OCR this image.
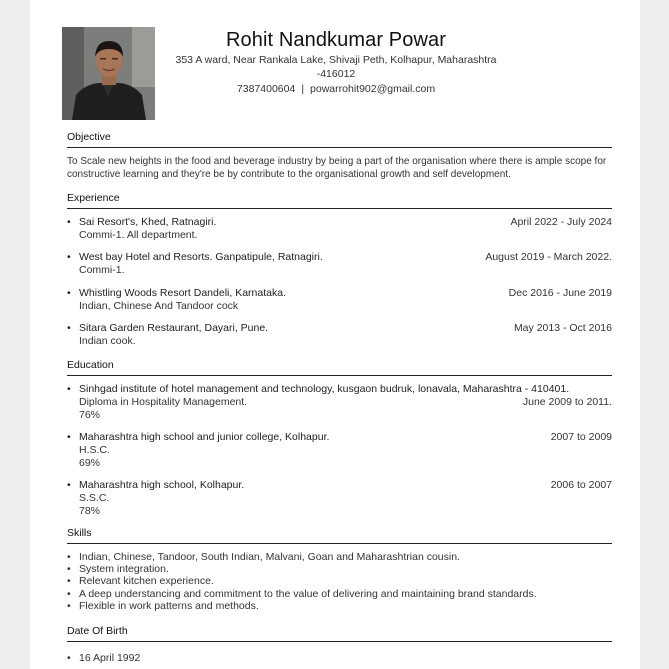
Rohit Nandkumar Powar
353 A ward, Near Rankala Lake, Shivaji Peth, Kolhapur, Maharashtra
-416012
7387400604 | powarrohit902@gmail.com
Objective
To Scale new heights in the food and beverage industry by being a part of the organisation where there is ample scope for constructive learning and they're be by contribute to the organisational growth and self development.
Experience
• Sai Resort's, Khed, Ratnagiri.
Commi-1. All department.
April 2022 - July 2024
• West bay Hotel and Resorts. Ganpatipule, Ratnagiri.
Commi-1.
August 2019 - March 2022.
• Whistling Woods Resort Dandeli, Karnataka.
Indian, Chinese And Tandoor cock
Dec 2016 - June 2019
• Sitara Garden Restaurant, Dayari, Pune.
Indian cook.
May 2013 - Oct 2016
Education
• Sinhgad institute of hotel management and technology, kusgaon budruk, lonavala, Maharashtra - 410401.
Diploma in Hospitality Management.
76%
June 2009 to 2011.
• Maharashtra high school and junior college, Kolhapur.
H.S.C.
69%
2007 to 2009
• Maharashtra high school, Kolhapur.
S.S.C.
78%
2006 to 2007
Skills
• Indian, Chinese, Tandoor, South Indian, Malvani, Goan and Maharashtrian cousin.
• System integration.
• Relevant kitchen experience.
• A deep understancing and commitment to the value of delivering and maintaining brand standards.
• Flexible in work patterns and methods.
Date Of Birth
• 16 April 1992
